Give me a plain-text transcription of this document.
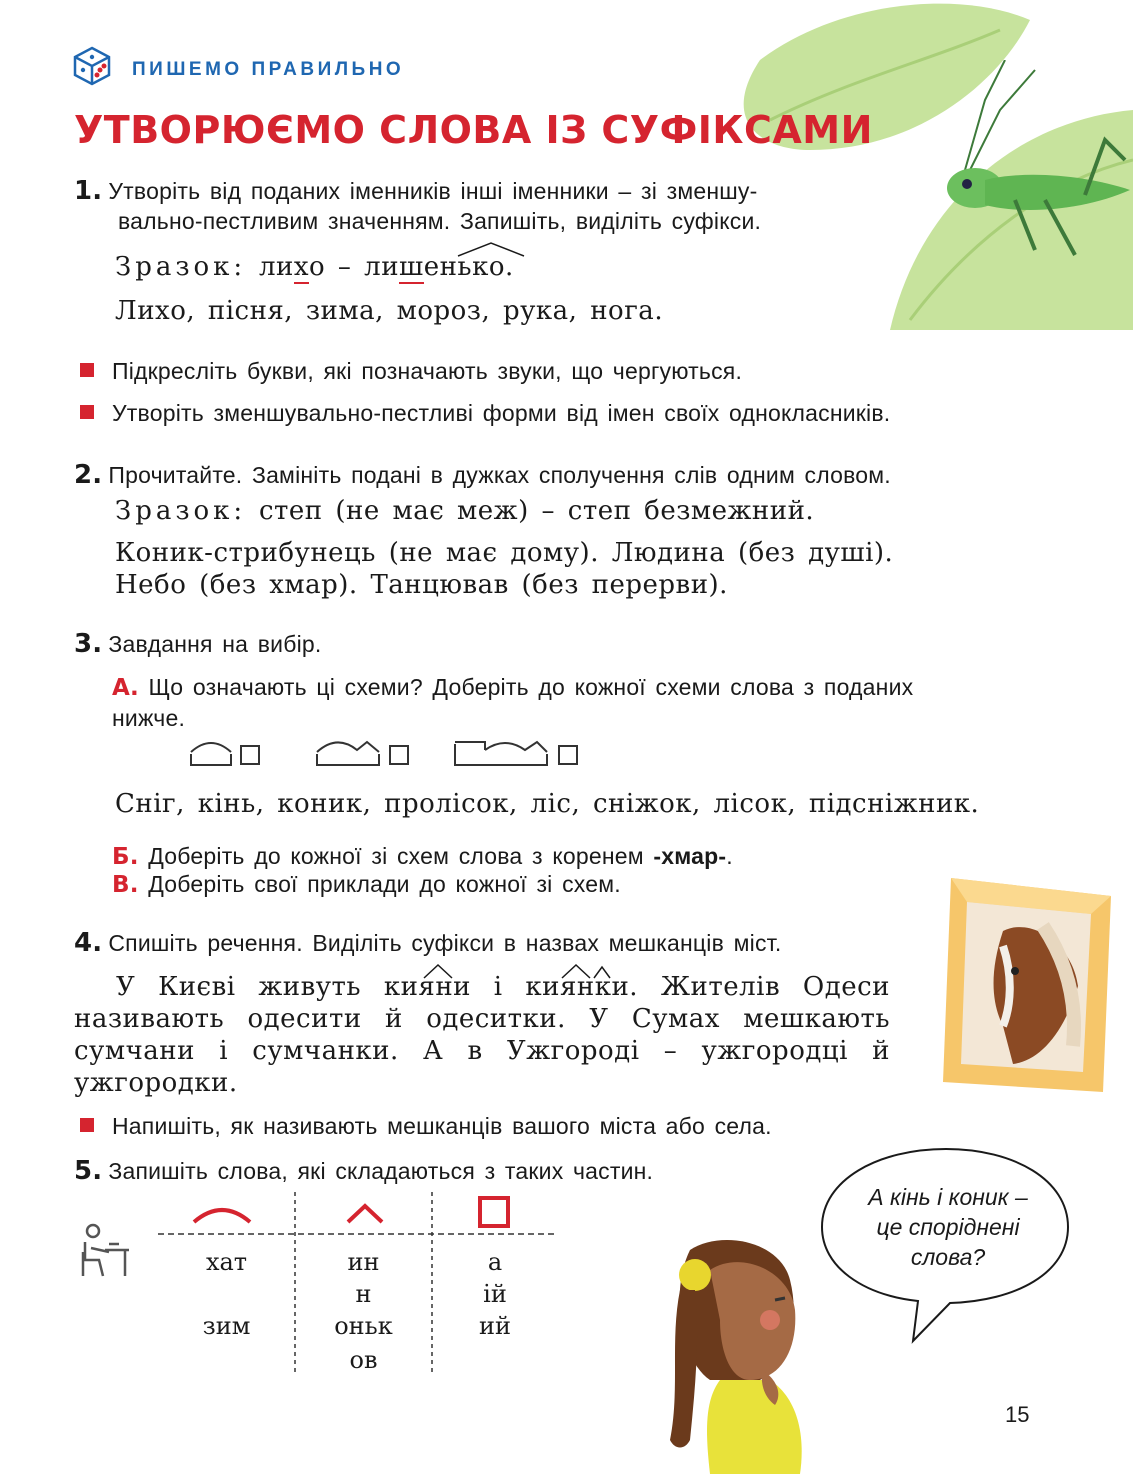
ПИШЕМО ПРАВИЛЬНО
УТВОРЮЄМО СЛОВА ІЗ СУФІКСАМИ
1. Утворіть від поданих іменників інші іменники – зі зменшу-
вально-пестливим значенням. Запишіть, виділіть суфікси.
Зразок: лихо – лишенько.
Лихо, пісня, зима, мороз, рука, нога.
Підкресліть букви, які позначають звуки, що чергуються.
Утворіть зменшувально-пестливі форми від імен своїх однокласників.
2. Прочитайте. Замініть подані в дужках сполучення слів одним словом.
Зразок: степ (не має меж) – степ безмежний.
Коник-стрибунець (не має дому). Людина (без душі).
Небо (без хмар). Танцював (без перерви).
3. Завдання на вибір.
А. Що означають ці схеми? Доберіть до кожної схеми слова з поданих
нижче.
Сніг, кінь, коник, пролісок, ліс, сніжок, лісок, підсніжник.
Б. Доберіть до кожної зі схем слова з коренем -хмар-.
В. Доберіть свої приклади до кожної зі схем.
4. Спишіть речення. Виділіть суфікси в назвах мешканців міст.
У Києві живуть кияни і киянки. Жителів Одеси
називають одесити й одеситки. У Сумах мешкають
сумчани і сумчанки. А в Ужгороді – ужгородці й
ужгородки.
Напишіть, як називають мешканців вашого міста або села.
5. Запишіть слова, які складаються з таких частин.
хат
зим
ин
н
оньк
ов
а
ій
ий
А кінь і коник –
це споріднені
слова?
15
